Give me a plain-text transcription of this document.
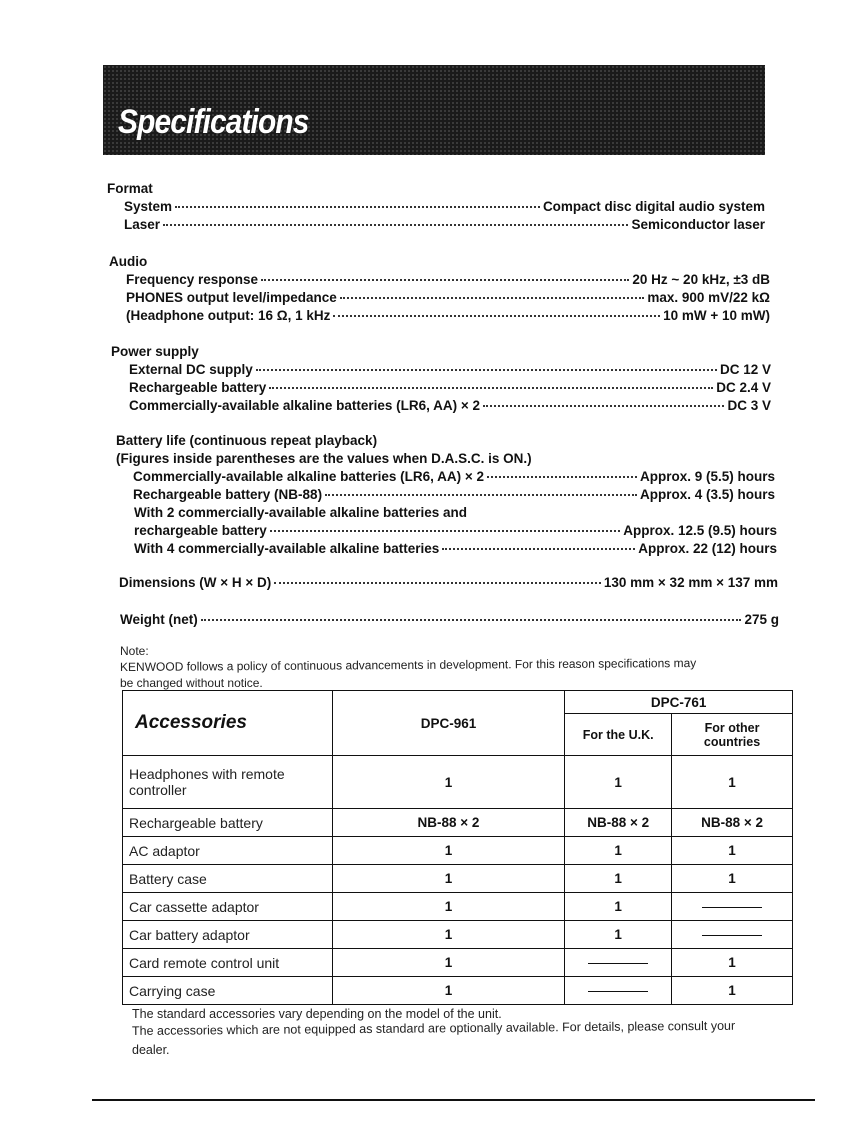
Specifications
Format
System	Compact disc digital audio system
Laser	Semiconductor laser
Audio
Frequency response	20 Hz ~ 20 kHz, ±3 dB
PHONES output level/impedance	max. 900 mV/22 kΩ
(Headphone output: 16 Ω, 1 kHz	10 mW + 10 mW)
Power supply
External DC supply	DC 12 V
Rechargeable battery	DC 2.4 V
Commercially-available alkaline batteries (LR6, AA) × 2	DC 3 V
Battery life (continuous repeat playback)
(Figures inside parentheses are the values when D.A.S.C. is ON.)
Commercially-available alkaline batteries (LR6, AA) × 2	Approx. 9 (5.5) hours
Rechargeable battery (NB-88)	Approx. 4 (3.5) hours
With 2 commercially-available alkaline batteries and
rechargeable battery	Approx. 12.5 (9.5) hours
With 4 commercially-available alkaline batteries	Approx. 22 (12) hours
Dimensions (W × H × D)	130 mm × 32 mm × 137 mm
Weight (net)	275 g
Note:
KENWOOD follows a policy of continuous advancements in development. For this reason specifications may
be changed without notice.
Accessories	DPC-961	DPC-761	
		For the U.K.	For other countries
Headphones with remote controller	1	1	1
Rechargeable battery	NB-88 × 2	NB-88 × 2	NB-88 × 2
AC adaptor	1	1	1
Battery case	1	1	1
Car cassette adaptor	1	1	
Car battery adaptor	1	1	
Card remote control unit	1		1
Carrying case	1		1
The standard accessories vary depending on the model of the unit.
The accessories which are not equipped as standard are optionally available. For details, please consult your
dealer.
